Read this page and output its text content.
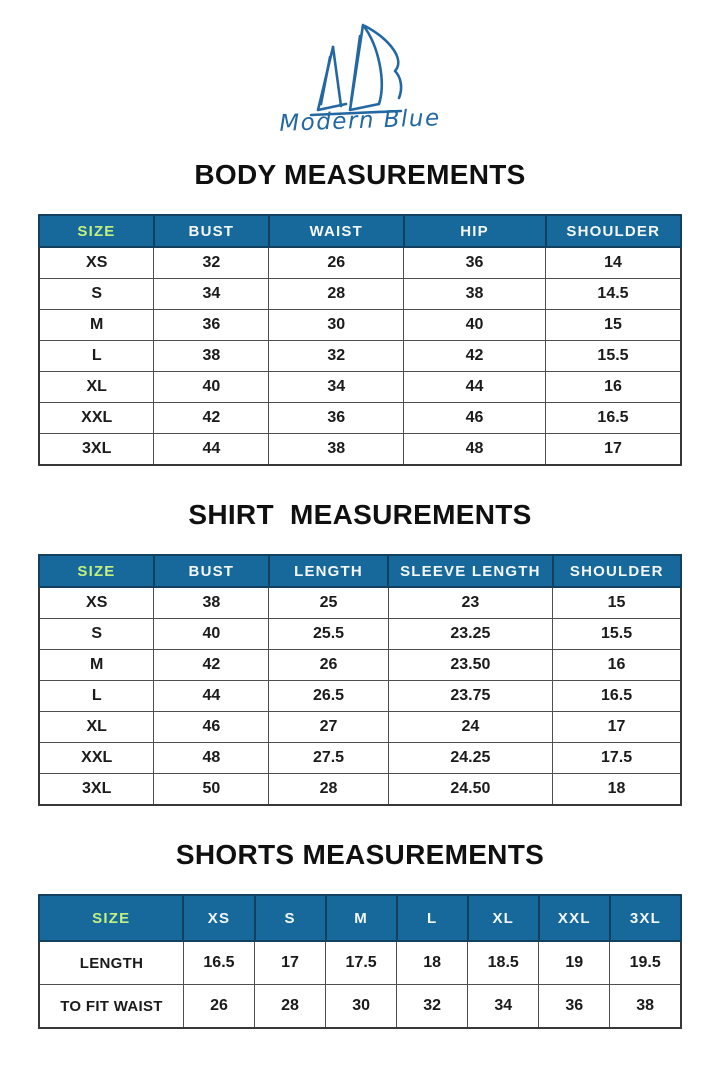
Modern Blue
BODY MEASUREMENTS
SIZE	BUST	WAIST	HIP	SHOULDER
XS	32	26	36	14
S	34	28	38	14.5
M	36	30	40	15
L	38	32	42	15.5
XL	40	34	44	16
XXL	42	36	46	16.5
3XL	44	38	48	17
SHIRT  MEASUREMENTS
SIZE	BUST	LENGTH	SLEEVE LENGTH	SHOULDER
XS	38	25	23	15
S	40	25.5	23.25	15.5
M	42	26	23.50	16
L	44	26.5	23.75	16.5
XL	46	27	24	17
XXL	48	27.5	24.25	17.5
3XL	50	28	24.50	18
SHORTS MEASUREMENTS
SIZE	XS	S	M	L	XL	XXL	3XL
LENGTH	16.5	17	17.5	18	18.5	19	19.5
TO FIT WAIST	26	28	30	32	34	36	38
